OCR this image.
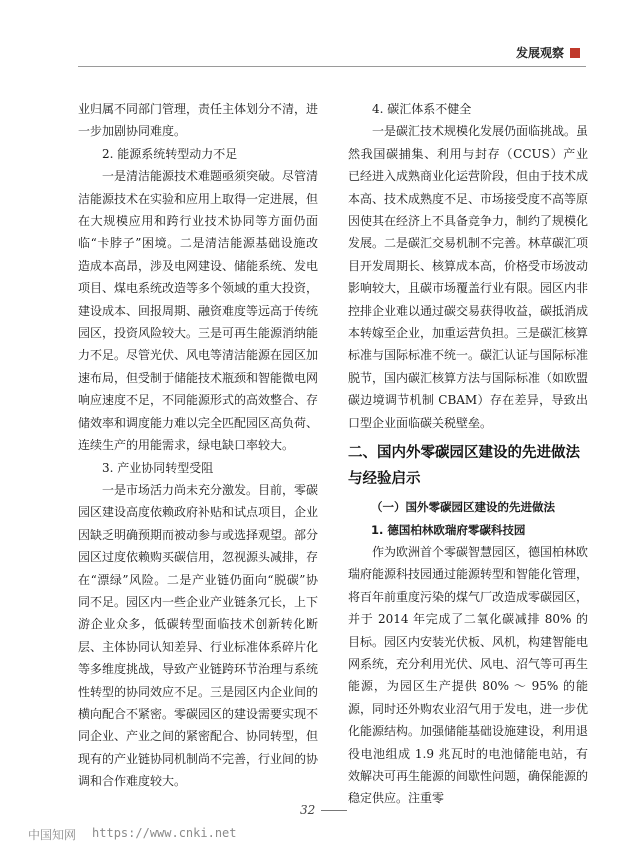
发展观察

业归属不同部门管理，责任主体划分不清，进一步加剧协同难度。

2. 能源系统转型动力不足

一是清洁能源技术难题亟须突破。尽管清洁能源技术在实验和应用上取得一定进展，但在大规模应用和跨行业技术协同等方面仍面临“卡脖子”困境。二是清洁能源基础设施改造成本高昂，涉及电网建设、储能系统、发电项目、煤电系统改造等多个领域的重大投资，建设成本、回报周期、融资难度等远高于传统园区，投资风险较大。三是可再生能源消纳能力不足。尽管光伏、风电等清洁能源在园区加速布局，但受制于储能技术瓶颈和智能微电网响应速度不足，不同能源形式的高效整合、存储效率和调度能力难以完全匹配园区高负荷、连续生产的用能需求，绿电缺口率较大。

3. 产业协同转型受阻

一是市场活力尚未充分激发。目前，零碳园区建设高度依赖政府补贴和试点项目，企业因缺乏明确预期而被动参与或选择观望。部分园区过度依赖购买碳信用，忽视源头减排，存在“漂绿”风险。二是产业链仍面向“脱碳”协同不足。园区内一些企业产业链条冗长，上下游企业众多，低碳转型面临技术创新转化断层、主体协同认知差异、行业标准体系碎片化等多维度挑战，导致产业链跨环节治理与系统性转型的协同效应不足。三是园区内企业间的横向配合不紧密。零碳园区的建设需要实现不同企业、产业之间的紧密配合、协同转型，但现有的产业链协同机制尚不完善，行业间的协调和合作难度较大。

4. 碳汇体系不健全

一是碳汇技术规模化发展仍面临挑战。虽然我国碳捕集、利用与封存（CCUS）产业已经进入成熟商业化运营阶段，但由于技术成本高、技术成熟度不足、市场接受度不高等原因使其在经济上不具备竞争力，制约了规模化发展。二是碳汇交易机制不完善。林草碳汇项目开发周期长、核算成本高，价格受市场波动影响较大，且碳市场覆盖行业有限。园区内非控排企业难以通过碳交易获得收益，碳抵消成本转嫁至企业，加重运营负担。三是碳汇核算标准与国际标准不统一。碳汇认证与国际标准脱节，国内碳汇核算方法与国际标准（如欧盟碳边境调节机制 CBAM）存在差异，导致出口型企业面临碳关税壁垒。

二、国内外零碳园区建设的先进做法与经验启示
（一）国外零碳园区建设的先进做法
1. 德国柏林欧瑞府零碳科技园

作为欧洲首个零碳智慧园区，德国柏林欧瑞府能源科技园通过能源转型和智能化管理，将百年前重度污染的煤气厂改造成零碳园区，并于 2014 年完成了二氧化碳减排 80% 的目标。园区内安装光伏板、风机，构建智能电网系统，充分利用光伏、风电、沼气等可再生能源，为园区生产提供 80% ～ 95% 的能源，同时还外购农业沼气用于发电，进一步优化能源结构。加强储能基础设施建设，利用退役电池组成 1.9 兆瓦时的电池储能电站，有效解决可再生能源的间歇性问题，确保能源的稳定供应。注重零

32
中国知网 https://www.cnki.net
